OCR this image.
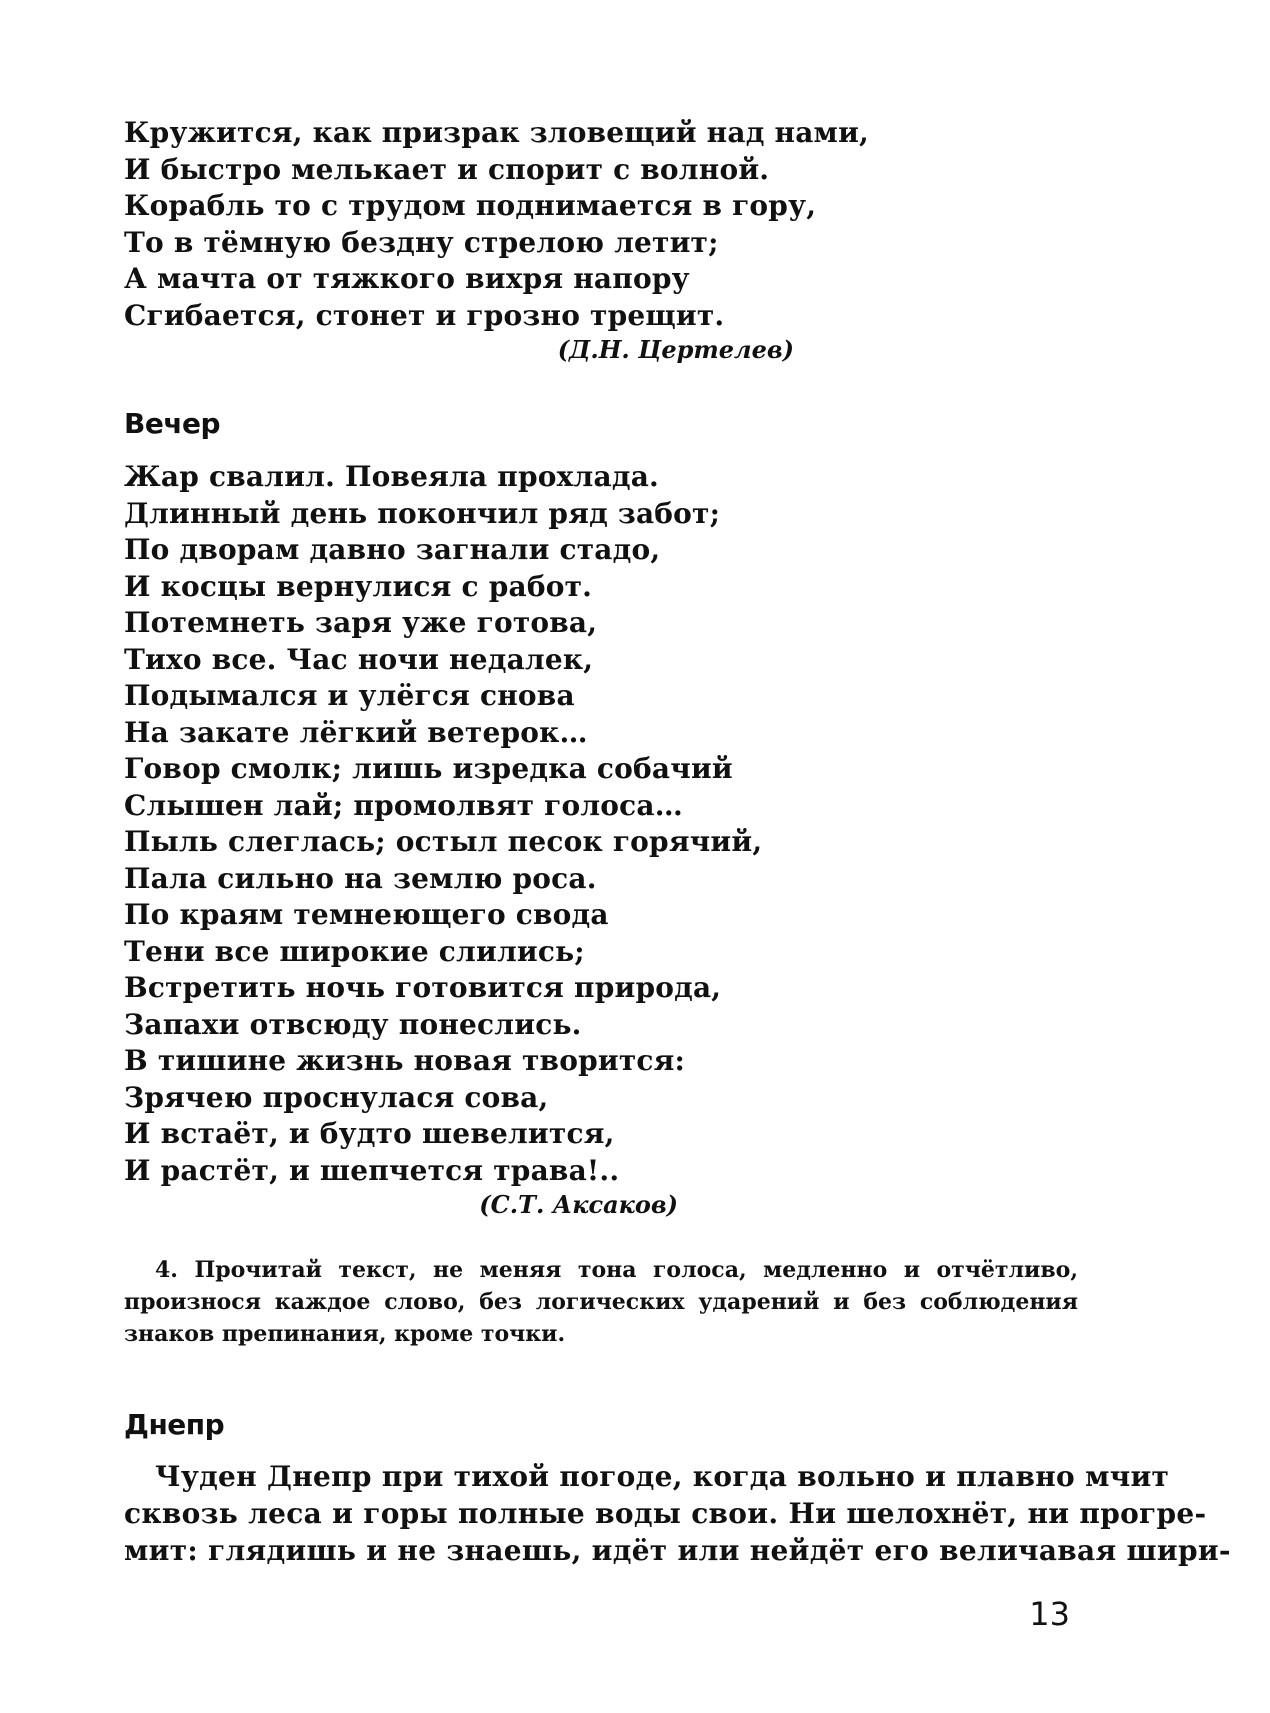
Кружится, как призрак зловещий над нами,
И быстро мелькает и спорит с волной.
Корабль то с трудом поднимается в гору,
То в тёмную бездну стрелою летит;
А мачта от тяжкого вихря напору
Сгибается, стонет и грозно трещит.
(Д.Н. Цертелев)
Вечер
Жар свалил. Повеяла прохлада.
Длинный день покончил ряд забот;
По дворам давно загнали стадо,
И косцы вернулися с работ.
Потемнеть заря уже готова,
Тихо все. Час ночи недалек,
Подымался и улёгся снова
На закате лёгкий ветерок…
Говор смолк; лишь изредка собачий
Слышен лай; промолвят голоса…
Пыль слеглась; остыл песок горячий,
Пала сильно на землю роса.
По краям темнеющего свода
Тени все широкие слились;
Встретить ночь готовится природа,
Запахи отвсюду понеслись.
В тишине жизнь новая творится:
Зрячею проснулася сова,
И встаёт, и будто шевелится,
И растёт, и шепчется трава!..
(С.Т. Аксаков)

4. Прочитай текст, не меняя тона голоса, медленно и отчётливо, произнося каждое слово, без логических ударений и без соблюдения знаков препинания, кроме точки.

Днепр

Чуден Днепр при тихой погоде, когда вольно и плавно мчит
сквозь леса и горы полные воды свои. Ни шелохнёт, ни прогре-
мит: глядишь и не знаешь, идёт или нейдёт его величавая шири-

13
